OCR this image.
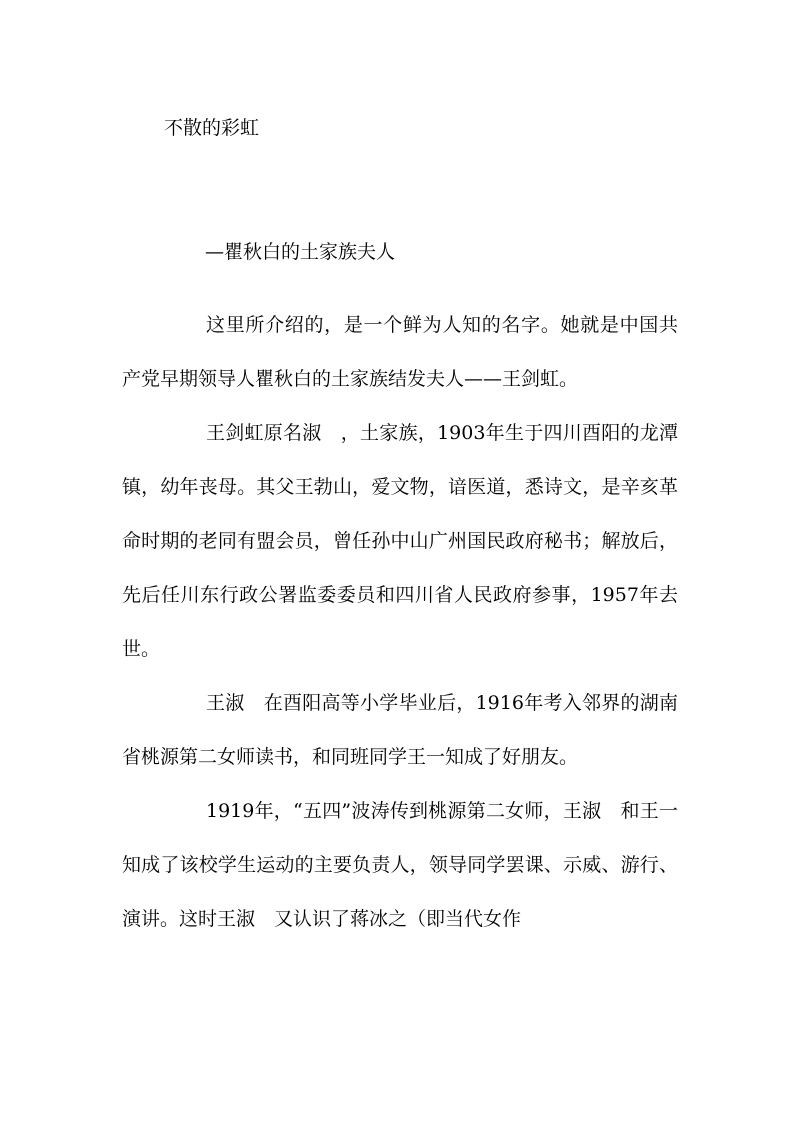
不散的彩虹
—瞿秋白的土家族夫人

这里所介绍的，是一个鲜为人知的名字。她就是中国共产党早期领导人瞿秋白的土家族结发夫人——王剑虹。

王剑虹原名淑　，土家族，1903年生于四川酉阳的龙潭镇，幼年丧母。其父王勃山，爱文物，谙医道，悉诗文，是辛亥革命时期的老同有盟会员，曾任孙中山广州国民政府秘书；解放后，先后任川东行政公署监委委员和四川省人民政府参事，1957年去世。

王淑　在酉阳高等小学毕业后，1916年考入邻界的湖南省桃源第二女师读书，和同班同学王一知成了好朋友。

1919年，“五四”波涛传到桃源第二女师，王淑　和王一知成了该校学生运动的主要负责人，领导同学罢课、示威、游行、演讲。这时王淑　又认识了蒋冰之（即当代女作
